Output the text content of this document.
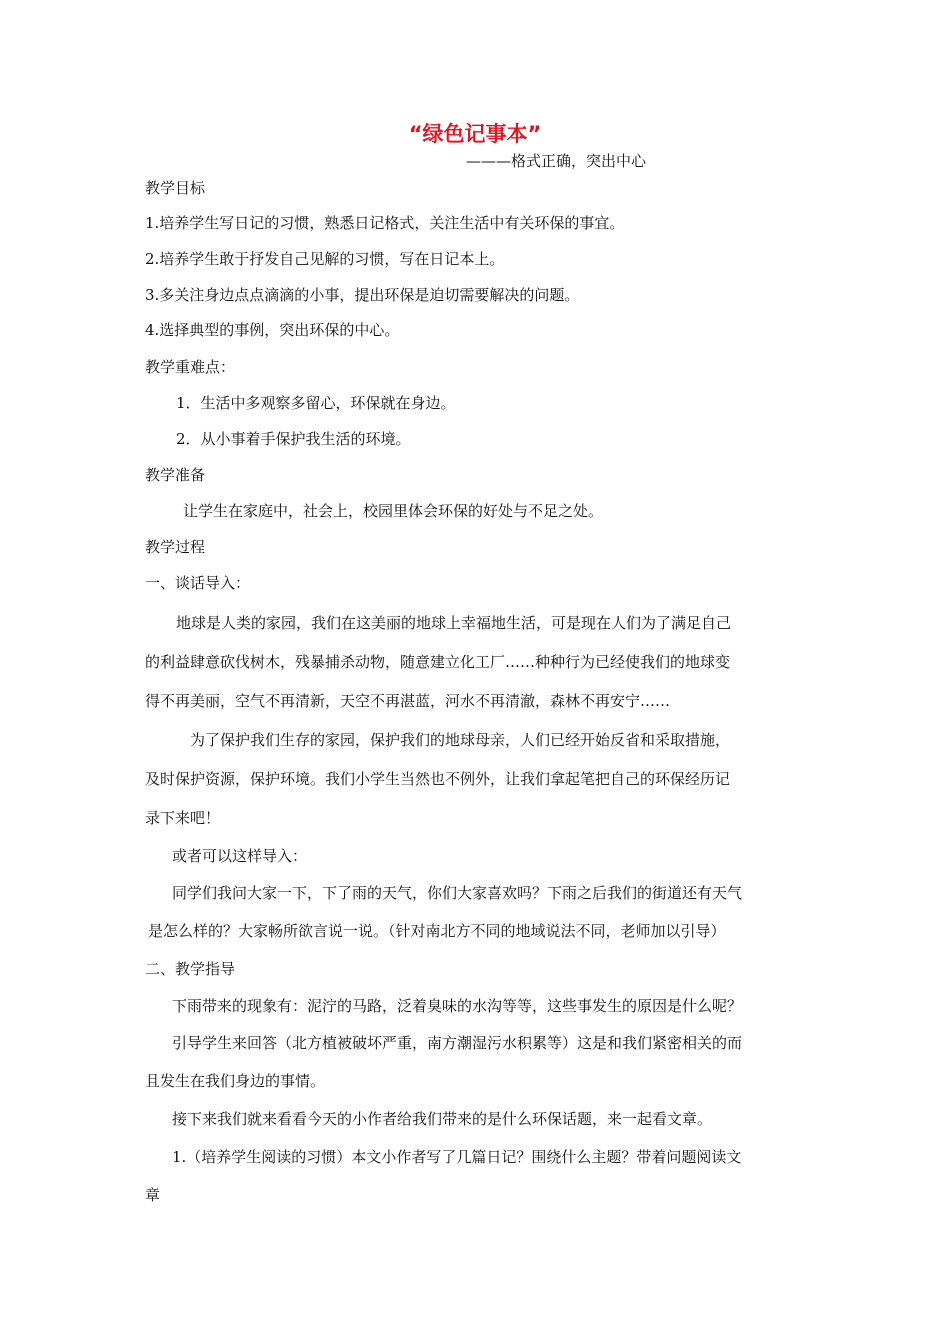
“绿色记事本”
———格式正确，突出中心
教学目标
1.培养学生写日记的习惯，熟悉日记格式，关注生活中有关环保的事宜。
2.培养学生敢于抒发自己见解的习惯，写在日记本上。
3.多关注身边点点滴滴的小事，提出环保是迫切需要解决的问题。
4.选择典型的事例，突出环保的中心。
教学重难点：
1．生活中多观察多留心，环保就在身边。
2．从小事着手保护我生活的环境。
教学准备
让学生在家庭中，社会上，校园里体会环保的好处与不足之处。
教学过程
一、谈话导入：
地球是人类的家园，我们在这美丽的地球上幸福地生活，可是现在人们为了满足自己
的利益肆意砍伐树木，残暴捕杀动物，随意建立化工厂……种种行为已经使我们的地球变
得不再美丽，空气不再清新，天空不再湛蓝，河水不再清澈，森林不再安宁……
为了保护我们生存的家园，保护我们的地球母亲，人们已经开始反省和采取措施，
及时保护资源，保护环境。我们小学生当然也不例外，让我们拿起笔把自己的环保经历记
录下来吧！
或者可以这样导入：
同学们我问大家一下，下了雨的天气，你们大家喜欢吗？下雨之后我们的街道还有天气
是怎么样的？大家畅所欲言说一说。（针对南北方不同的地域说法不同，老师加以引导）
二、教学指导
下雨带来的现象有：泥泞的马路，泛着臭味的水沟等等，这些事发生的原因是什么呢？
引导学生来回答（北方植被破坏严重，南方潮湿污水积累等）这是和我们紧密相关的而
且发生在我们身边的事情。
接下来我们就来看看今天的小作者给我们带来的是什么环保话题，来一起看文章。
1.（培养学生阅读的习惯）本文小作者写了几篇日记？围绕什么主题？带着问题阅读文
章
